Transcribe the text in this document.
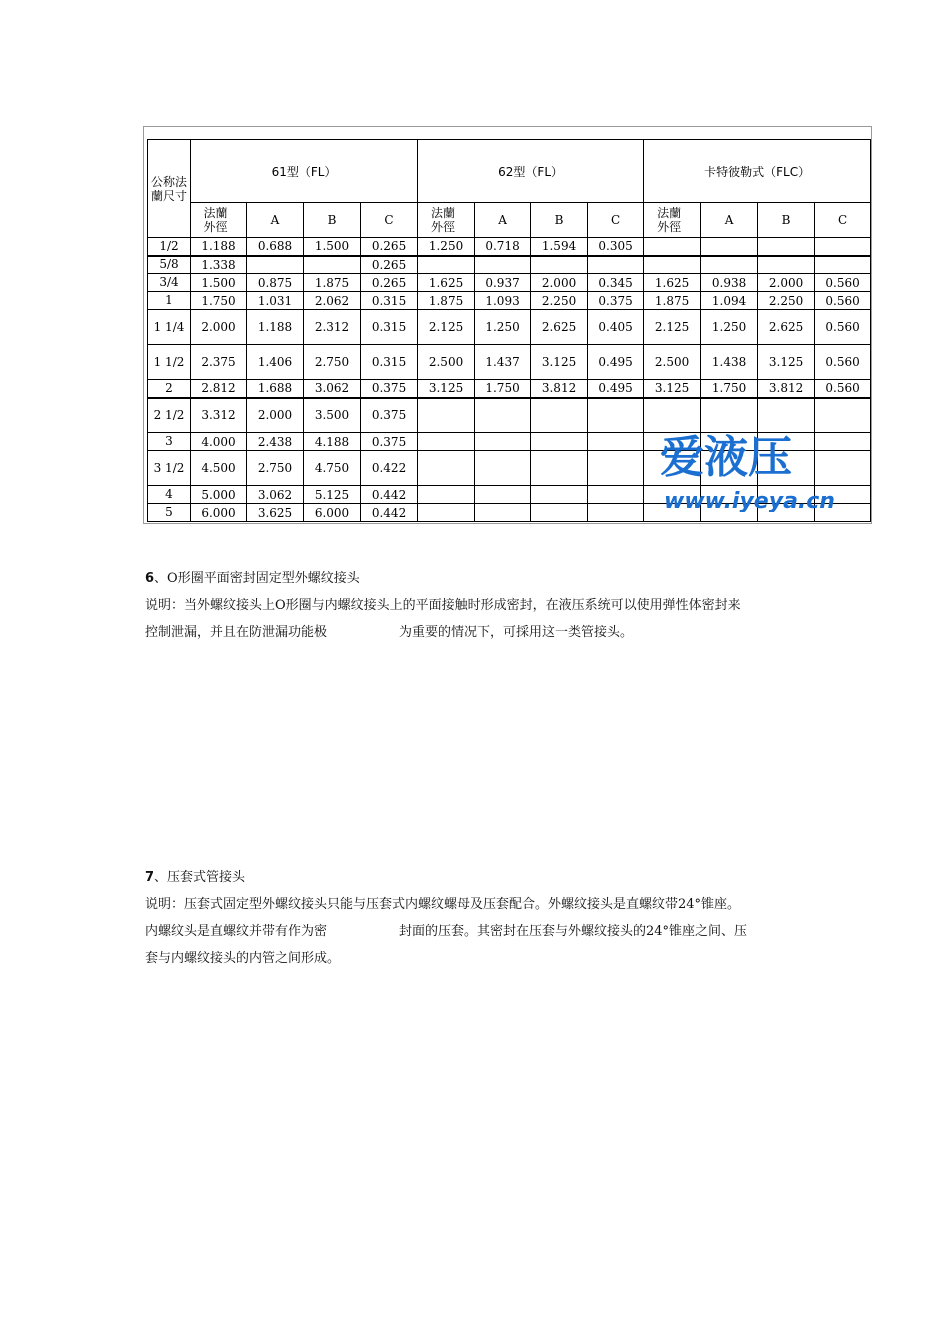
公称法蘭尺寸	61型（FL）				62型（FL）				卡特彼勒式（FLC）			
	法蘭外徑	A	B	C	法蘭外徑	A	B	C	法蘭外徑	A	B	C
1/2	1.188	0.688	1.500	0.265	1.250	0.718	1.594	0.305				
5/8	1.338			0.265								
3/4	1.500	0.875	1.875	0.265	1.625	0.937	2.000	0.345	1.625	0.938	2.000	0.560
1	1.750	1.031	2.062	0.315	1.875	1.093	2.250	0.375	1.875	1.094	2.250	0.560
1 1/4	2.000	1.188	2.312	0.315	2.125	1.250	2.625	0.405	2.125	1.250	2.625	0.560
1 1/2	2.375	1.406	2.750	0.315	2.500	1.437	3.125	0.495	2.500	1.438	3.125	0.560
2	2.812	1.688	3.062	0.375	3.125	1.750	3.812	0.495	3.125	1.750	3.812	0.560
2 1/2	3.312	2.000	3.500	0.375								
3	4.000	2.438	4.188	0.375								
3 1/2	4.500	2.750	4.750	0.422								
4	5.000	3.062	5.125	0.442								
5	6.000	3.625	6.000	0.442								
爱液压
www.iyeya.cn
6、O形圈平面密封固定型外螺纹接头
说明：当外螺纹接头上O形圈与内螺纹接头上的平面接触时形成密封，在液压系统可以使用弹性体密封来
控制泄漏，并且在防泄漏功能极	为重要的情况下，可採用这一类管接头。
7、压套式管接头
说明：压套式固定型外螺纹接头只能与压套式内螺纹螺母及压套配合。外螺纹接头是直螺纹带24°锥座。
内螺纹头是直螺纹并带有作为密	封面的压套。其密封在压套与外螺纹接头的24°锥座之间、压
套与内螺纹接头的内管之间形成。
